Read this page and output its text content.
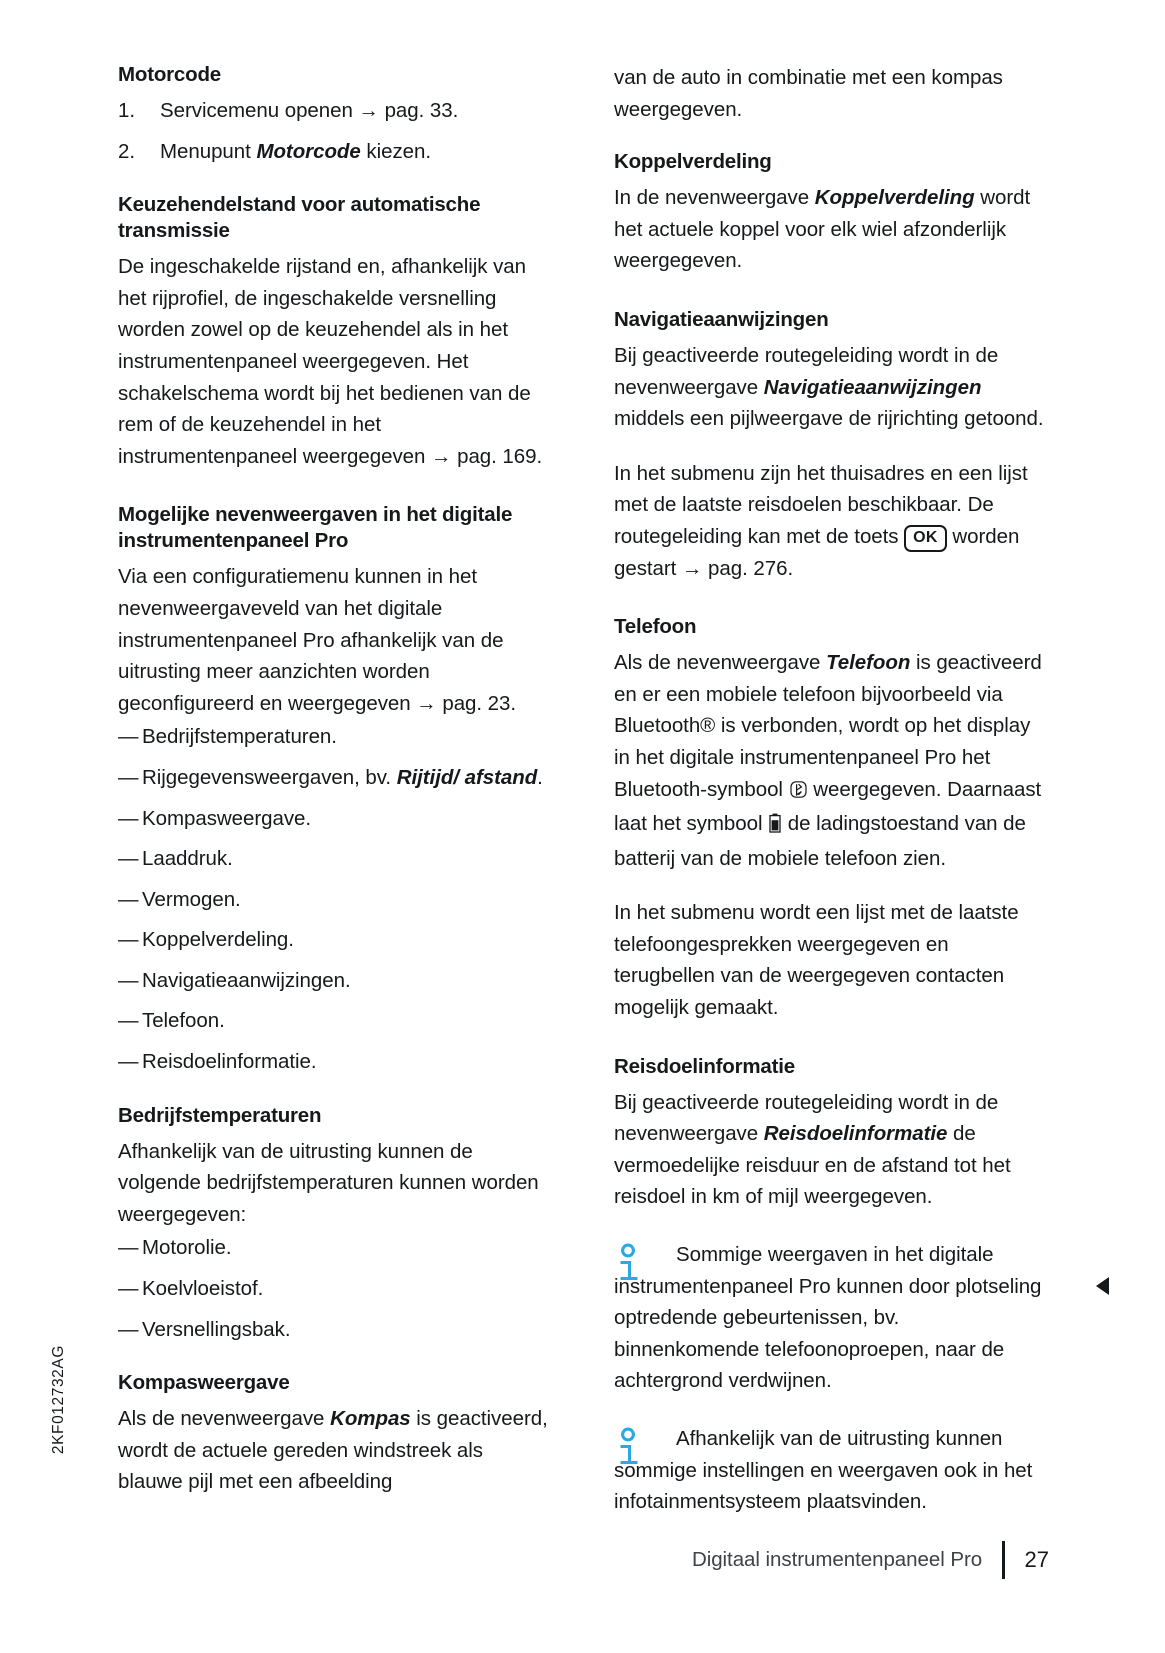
Motorcode
1.	Servicemenu openen → pag. 33.
2.	Menupunt Motorcode kiezen.
Keuzehendelstand voor automatische transmissie

De ingeschakelde rijstand en, afhankelijk van het rijprofiel, de ingeschakelde versnelling worden zowel op de keuzehendel als in het instrumentenpaneel weergegeven. Het schakelschema wordt bij het bedienen van de rem of de keuzehendel in het instrumentenpaneel weergegeven → pag. 169.

Mogelijke nevenweergaven in het digitale instrumentenpaneel Pro

Via een configuratiemenu kunnen in het nevenweergaveveld van het digitale instrumentenpaneel Pro afhankelijk van de uitrusting meer aanzichten worden geconfigureerd en weergegeven → pag. 23.

— Bedrijfstemperaturen.
— Rijgegevensweergaven, bv. Rijtijd/ afstand.
— Kompasweergave.
— Laaddruk.
— Vermogen.
— Koppelverdeling.
— Navigatieaanwijzingen.
— Telefoon.
— Reisdoelinformatie.
Bedrijfstemperaturen

Afhankelijk van de uitrusting kunnen de volgende bedrijfstemperaturen kunnen worden weergegeven:

— Motorolie.
— Koelvloeistof.
— Versnellingsbak.
Kompasweergave

Als de nevenweergave Kompas is geactiveerd, wordt de actuele gereden windstreek als blauwe pijl met een afbeelding

van de auto in combinatie met een kompas weergegeven.

Koppelverdeling

In de nevenweergave Koppelverdeling wordt het actuele koppel voor elk wiel afzonderlijk weergegeven.

Navigatieaanwijzingen

Bij geactiveerde routegeleiding wordt in de nevenweergave Navigatieaanwijzingen middels een pijlweergave de rijrichting getoond.

In het submenu zijn het thuisadres en een lijst met de laatste reisdoelen beschikbaar. De routegeleiding kan met de toets OK worden gestart → pag. 276.

Telefoon

Als de nevenweergave Telefoon is geactiveerd en er een mobiele telefoon bijvoorbeeld via Bluetooth® is verbonden, wordt op het display in het digitale instrumentenpaneel Pro het Bluetooth-symbool  weergegeven. Daarnaast laat het symbool  de ladingstoestand van de batterij van de mobiele telefoon zien.

In het submenu wordt een lijst met de laatste telefoongesprekken weergegeven en terugbellen van de weergegeven contacten mogelijk gemaakt.

Reisdoelinformatie

Bij geactiveerde routegeleiding wordt in de nevenweergave Reisdoelinformatie de vermoedelijke reisduur en de afstand tot het reisdoel in km of mijl weergegeven.

Sommige weergaven in het digitale instrumentenpaneel Pro kunnen door plotseling optredende gebeurtenissen, bv. binnenkomende telefoonoproepen, naar de achtergrond verdwijnen.

Afhankelijk van de uitrusting kunnen sommige instellingen en weergaven ook in het infotainmentsysteem plaatsvinden.

2KF012732AG
Digitaal instrumentenpaneel Pro	27
